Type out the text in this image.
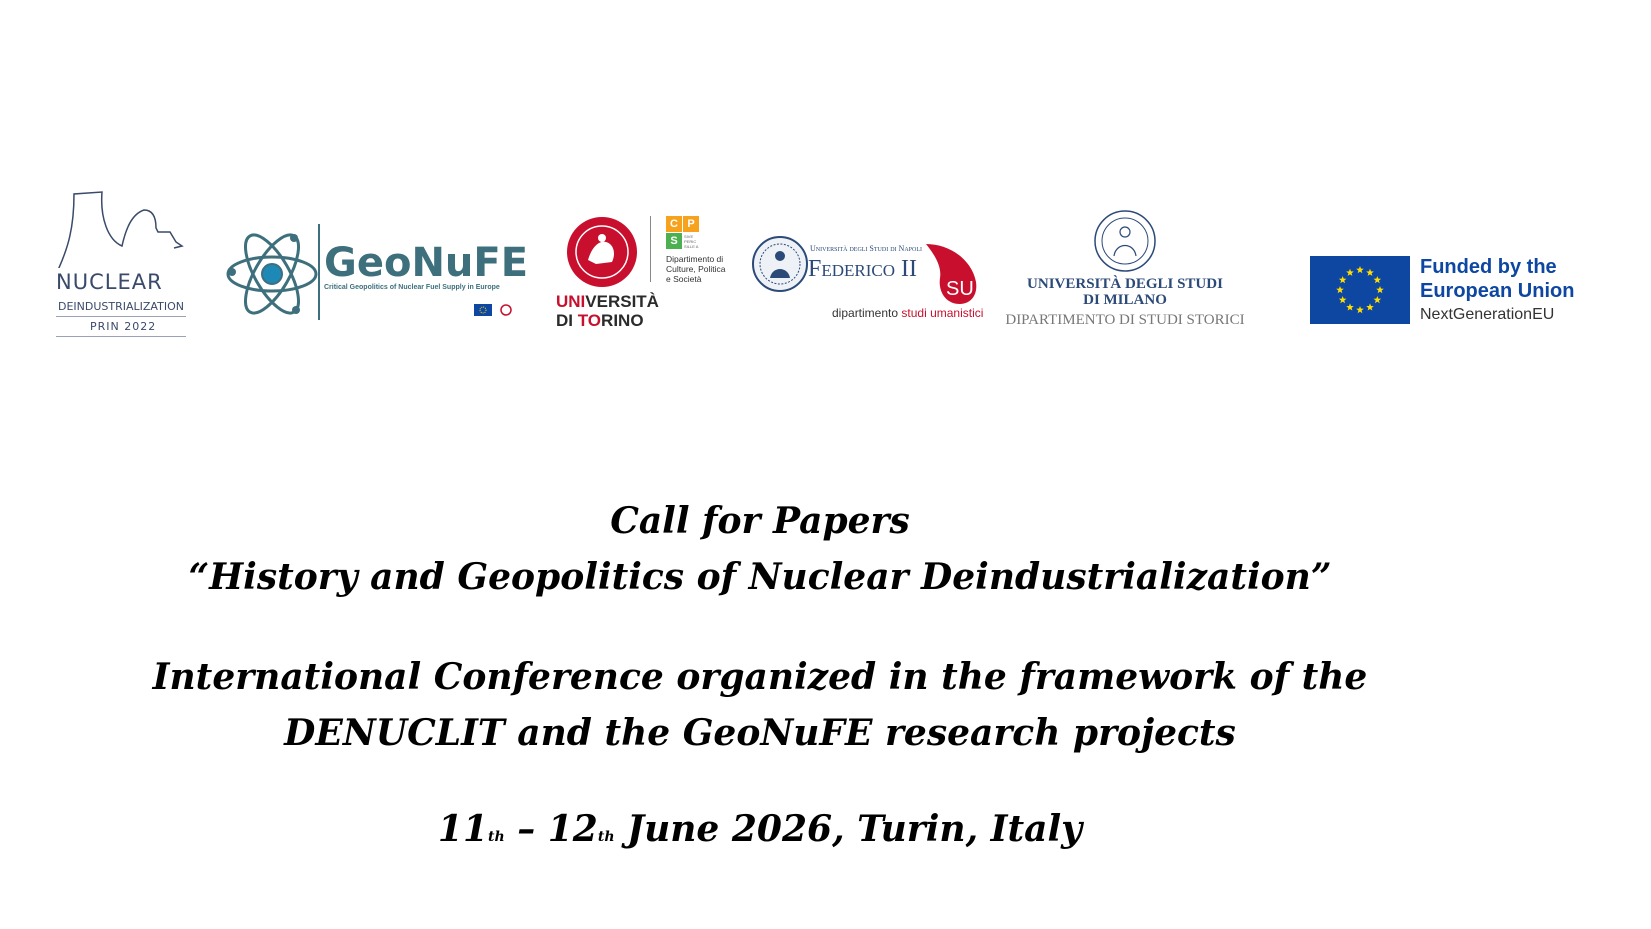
NUCLEAR
DEINDUSTRIALIZATION
PRIN 2022
GeoNuFE
Critical Geopolitics of Nuclear Fuel Supply in Europe
UNIVERSITÀ
DI TORINO
C P
S	SIVE PERIC SILLE A
Dipartimento di
Culture, Politica
e Società
Università degli Studi di Napoli
Federico II
SU
dipartimento studi umanistici
UNIVERSITÀ DEGLI STUDI
DI MILANO
DIPARTIMENTO DI STUDI STORICI
Funded by the
European Union
NextGenerationEU
Call for Papers
“History and Geopolitics of Nuclear Deindustrialization”
International Conference organized in the framework of the
DENUCLIT and the GeoNuFE research projects
11th – 12th June 2026, Turin, Italy
